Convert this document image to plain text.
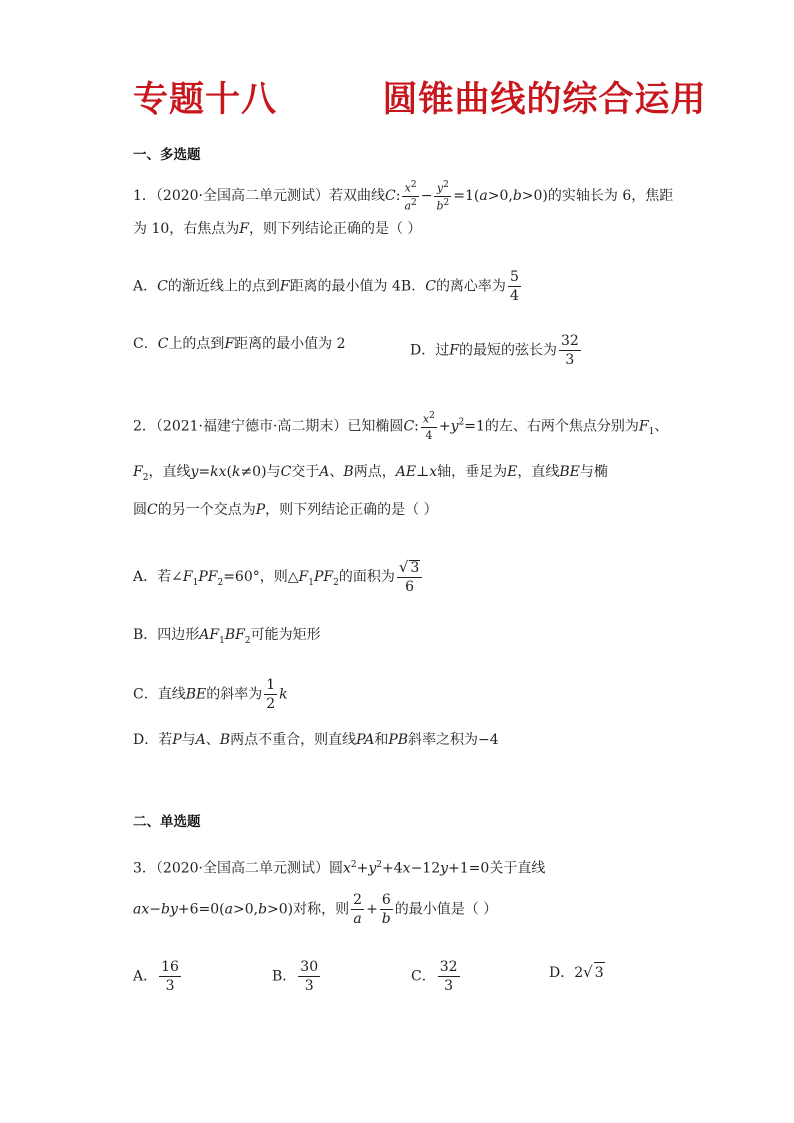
专题十八        圆锥曲线的综合运用
一、多选题
1．（2020·全国高二单元测试）若双曲线C: $\frac{x^2}{a^2} - \frac{y^2}{b^2} =1(a>0,b>0)$的实轴长为 6，焦距
为 10，右焦点为F，则下列结论正确的是（ ）
A．C的渐近线上的点到F距离的最小值为 4B．C的离心率为 $\frac{5}{4}$
C．C上的点到F距离的最小值为 2	D．过F的最短的弦长为 $\frac{32}{3}$
2．（2021·福建宁德市·高二期末）已知椭圆C: $\frac{x^2}{4} +y^2=1$的左、右两个焦点分别为$F_1$、
$F_2$，直线y=kx(k≠0)与C交于A、B两点，AE⊥x轴，垂足为E，直线BE与椭
圆C的另一个交点为P，则下列结论正确的是（ ）
A．若$\angle F_1PF_2=60^\circ$，则$\triangle F_1PF_2$的面积为 $\frac{√ 3}{6}$
B．四边形$AF_1BF_2$可能为矩形
C．直线BE的斜率为 $\frac{1}{2}$ k
D．若P与A、B两点不重合，则直线PA和PB斜率之积为−4
二、单选题
3．（2020·全国高二单元测试）圆$x^2+y^2+4x-12y+1=0$关于直线
ax−by+6=0(a>0,b>0)对称，则 $\frac{2}{a} + \frac{6}{b}$ 的最小值是（ ）
A． $\frac{16}{3}$	B． $\frac{30}{3}$	C． $\frac{32}{3}$	D．2√ 3
